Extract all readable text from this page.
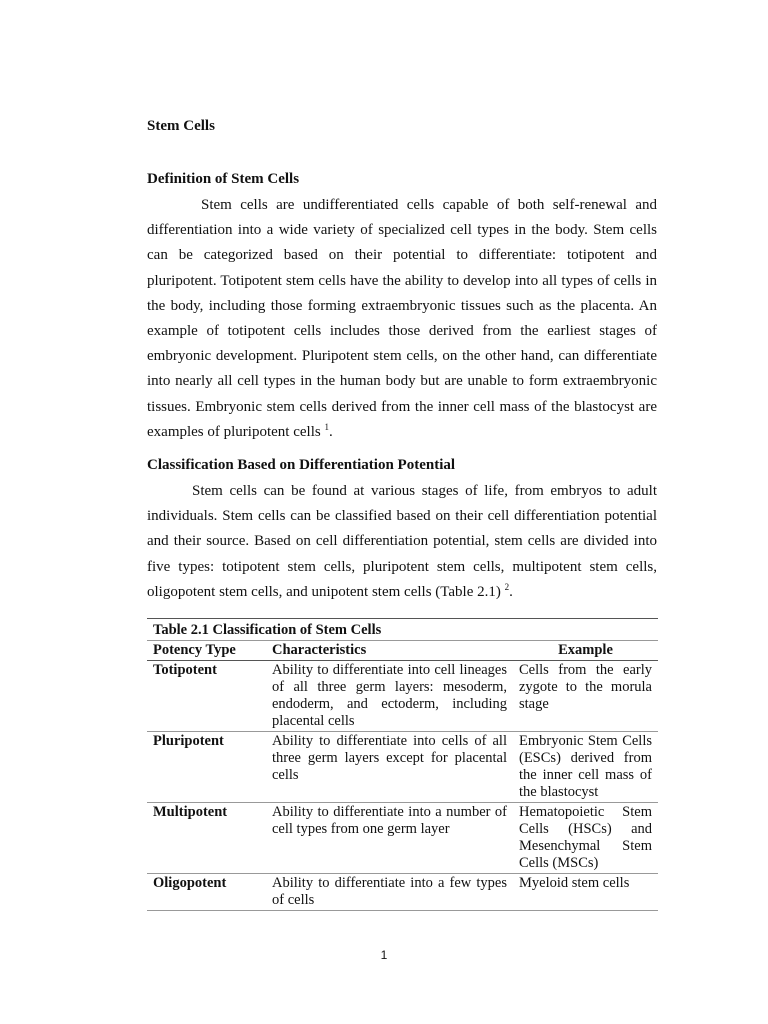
Stem Cells
Definition of Stem Cells
Stem cells are undifferentiated cells capable of both self-renewal and differentiation into a wide variety of specialized cell types in the body. Stem cells can be categorized based on their potential to differentiate: totipotent and pluripotent. Totipotent stem cells have the ability to develop into all types of cells in the body, including those forming extraembryonic tissues such as the placenta. An example of totipotent cells includes those derived from the earliest stages of embryonic development. Pluripotent stem cells, on the other hand, can differentiate into nearly all cell types in the human body but are unable to form extraembryonic tissues. Embryonic stem cells derived from the inner cell mass of the blastocyst are examples of pluripotent cells $^1$.
Classification Based on Differentiation Potential
Stem cells can be found at various stages of life, from embryos to adult individuals. Stem cells can be classified based on their cell differentiation potential and their source. Based on cell differentiation potential, stem cells are divided into five types: totipotent stem cells, pluripotent stem cells, multipotent stem cells, oligopotent stem cells, and unipotent stem cells (Table 2.1) $^2$.
Table 2.1 Classification of Stem Cells		
Potency Type	Characteristics	Example
Totipotent	Ability to differentiate into cell lineages of all three germ layers: mesoderm, endoderm, and ectoderm, including placental cells	Cells from the early zygote to the morula stage
Pluripotent	Ability to differentiate into cells of all three germ layers except for placental cells	Embryonic Stem Cells (ESCs) derived from the inner cell mass of the blastocyst
Multipotent	Ability to differentiate into a number of cell types from one germ layer	Hematopoietic Stem Cells (HSCs) and Mesenchymal Stem Cells (MSCs)
Oligopotent	Ability to differentiate into a few types of cells	Myeloid stem cells
1
